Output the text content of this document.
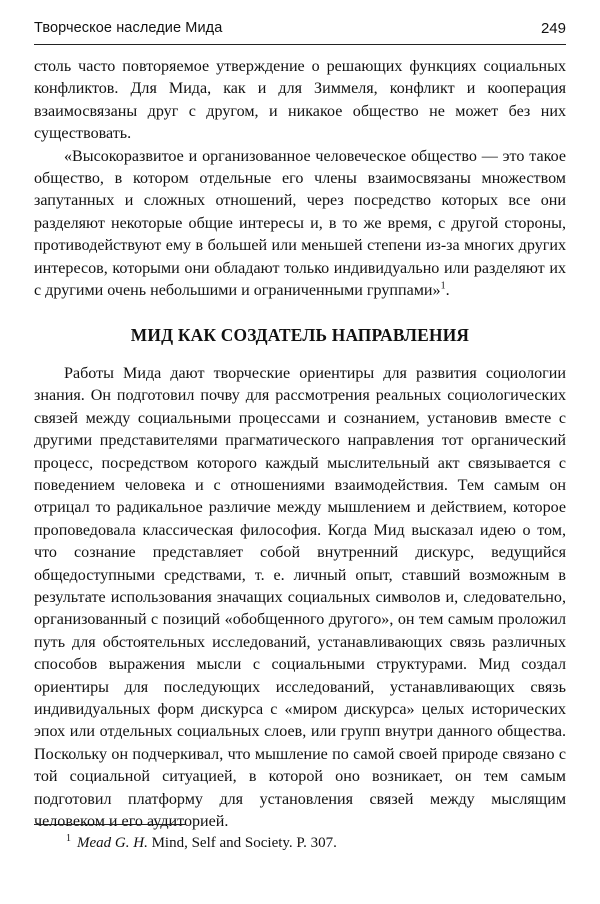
Творческое наследие Мида	249

столь часто повторяемое утверждение о решающих функциях социальных конфликтов. Для Мида, как и для Зиммеля, конфликт и кооперация взаимосвязаны друг с другом, и никакое общество не может без них существовать.

«Высокоразвитое и организованное человеческое общество — это такое общество, в котором отдельные его члены взаимосвязаны множеством запутанных и сложных отношений, через посредство которых все они разделяют некоторые общие интересы и, в то же время, с другой стороны, противодействуют ему в большей или меньшей степени из-за многих других интересов, которыми они обладают только индивидуально или разделяют их с другими очень небольшими и ограниченными группами»$^1$.

МИД КАК СОЗДАТЕЛЬ НАПРАВЛЕНИЯ

Работы Мида дают творческие ориентиры для развития социологии знания. Он подготовил почву для рассмотрения реальных социологических связей между социальными процессами и сознанием, установив вместе с другими представителями прагматического направления тот органический процесс, посредством которого каждый мыслительный акт связывается с поведением человека и с отношениями взаимодействия. Тем самым он отрицал то радикальное различие между мышлением и действием, которое проповедовала классическая философия. Когда Мид высказал идею о том, что сознание представляет собой внутренний дискурс, ведущийся общедоступными средствами, т. е. личный опыт, ставший возможным в результате использования значащих социальных символов и, следовательно, организованный с позиций «обобщенного другого», он тем самым проложил путь для обстоятельных исследований, устанавливающих связь различных способов выражения мысли с социальными структурами. Мид создал ориентиры для последующих исследований, устанавливающих связь индивидуальных форм дискурса с «миром дискурса» целых исторических эпох или отдельных социальных слоев, или групп внутри данного общества. Поскольку он подчеркивал, что мышление по самой своей природе связано с той социальной ситуацией, в которой оно возникает, он тем самым подготовил платформу для установления связей между мыслящим человеком и его аудиторией.

$^1$ Mead G. H. Mind, Self and Society. P. 307.
